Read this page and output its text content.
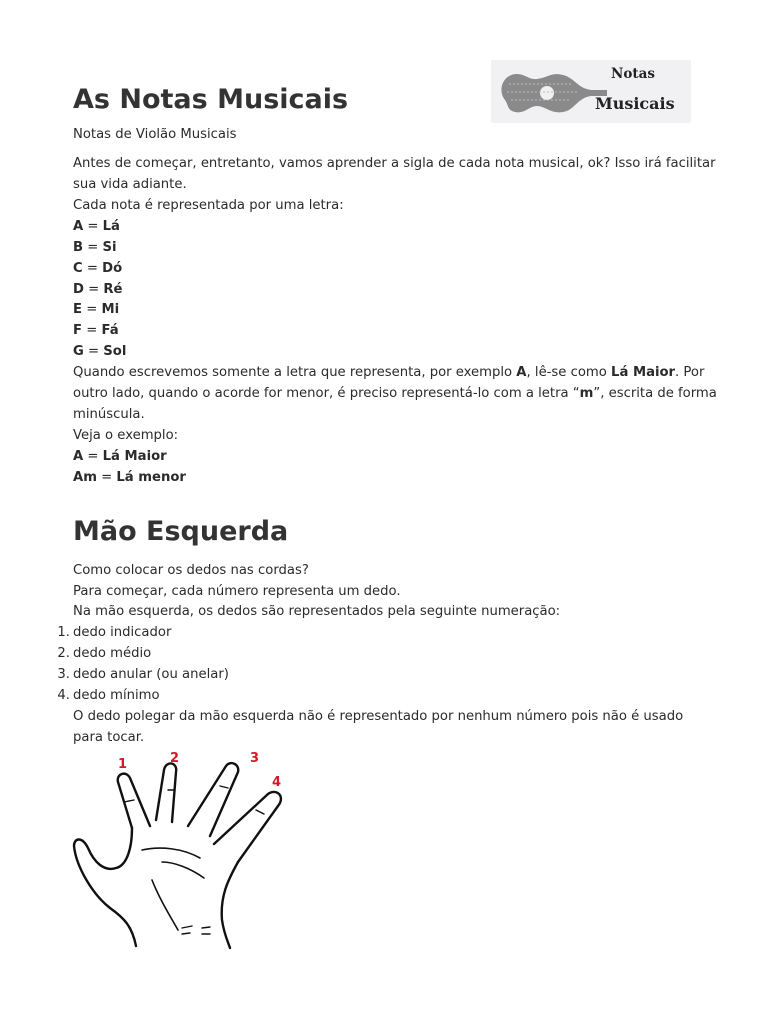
Notas
Musicais
As Notas Musicais
Notas de Violão Musicais
Antes de começar, entretanto, vamos aprender a sigla de cada nota musical, ok? Isso irá facilitar
sua vida adiante.
Cada nota é representada por uma letra:
A = Lá
B = Si
C = Dó
D = Ré
E = Mi
F = Fá
G = Sol
Quando escrevemos somente a letra que representa, por exemplo A, lê-se como Lá Maior. Por
outro lado, quando o acorde for menor, é preciso representá-lo com a letra “m”, escrita de forma
minúscula.
Veja o exemplo:
A = Lá Maior
Am = Lá menor
Mão Esquerda
Como colocar os dedos nas cordas?
Para começar, cada número representa um dedo.
Na mão esquerda, os dedos são representados pela seguinte numeração:
1. dedo indicador
2. dedo médio
3. dedo anular (ou anelar)
4. dedo mínimo
O dedo polegar da mão esquerda não é representado por nenhum número pois não é usado
para tocar.
1	2	3
4
